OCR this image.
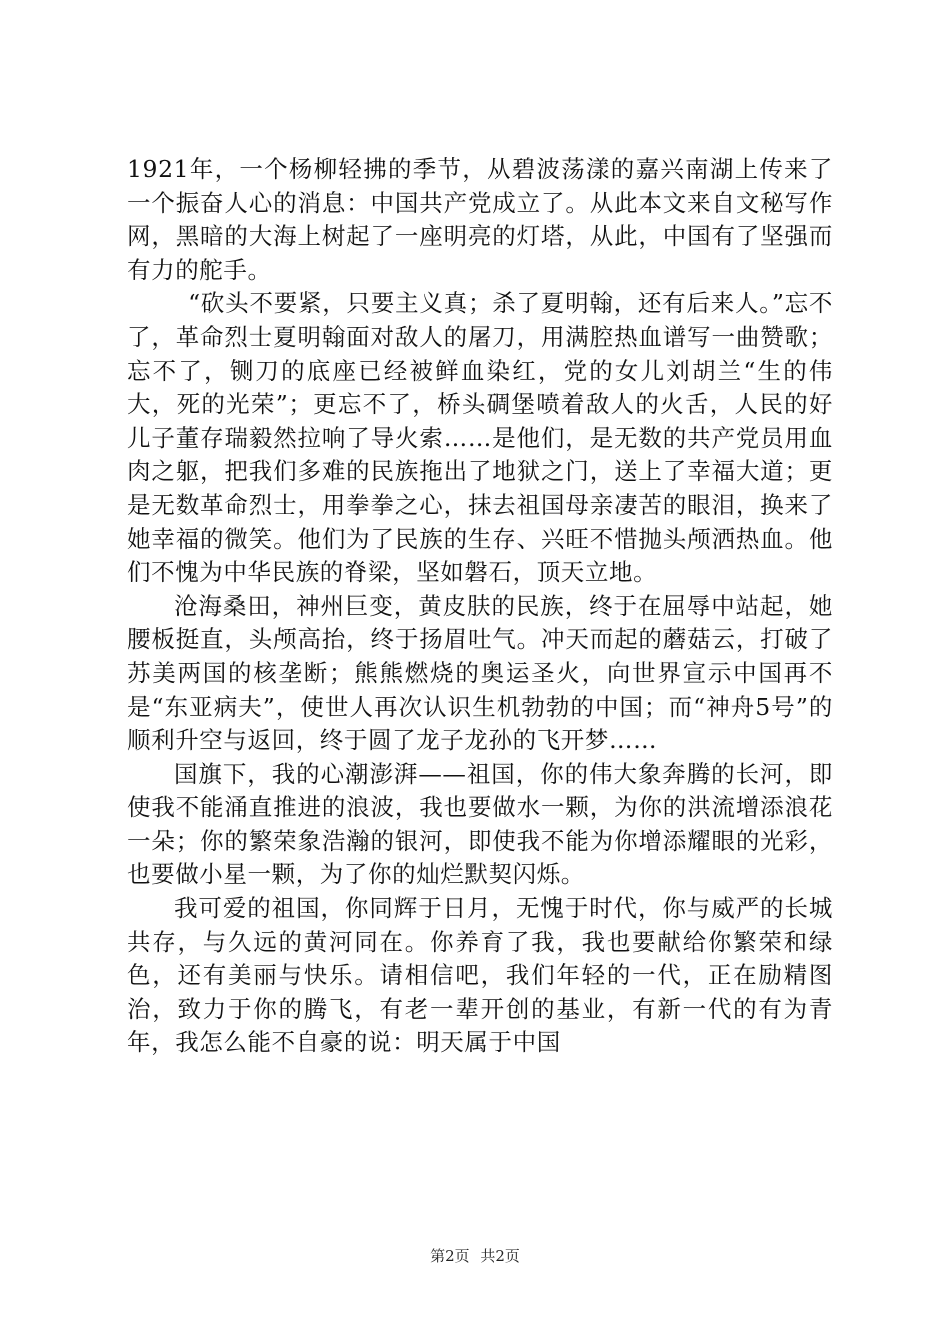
1921年，一个杨柳轻拂的季节，从碧波荡漾的嘉兴南湖上传来了一个振奋人心的消息：中国共产党成立了。从此本文来自文秘写作网，黑暗的大海上树起了一座明亮的灯塔，从此，中国有了坚强而有力的舵手。

“砍头不要紧，只要主义真；杀了夏明翰，还有后来人。”忘不了，革命烈士夏明翰面对敌人的屠刀，用满腔热血谱写一曲赞歌；忘不了，铡刀的底座已经被鲜血染红，党的女儿刘胡兰“生的伟大，死的光荣”；更忘不了，桥头碉堡喷着敌人的火舌，人民的好儿子董存瑞毅然拉响了导火索……是他们，是无数的共产党员用血肉之躯，把我们多难的民族拖出了地狱之门，送上了幸福大道；更是无数革命烈士，用拳拳之心，抹去祖国母亲凄苦的眼泪，换来了她幸福的微笑。他们为了民族的生存、兴旺不惜抛头颅洒热血。他们不愧为中华民族的脊梁，坚如磐石，顶天立地。

沧海桑田，神州巨变，黄皮肤的民族，终于在屈辱中站起，她腰板挺直，头颅高抬，终于扬眉吐气。冲天而起的蘑菇云，打破了苏美两国的核垄断；熊熊燃烧的奥运圣火，向世界宣示中国再不是“东亚病夫”，使世人再次认识生机勃勃的中国；而“神舟5号”的顺利升空与返回，终于圆了龙子龙孙的飞开梦……

国旗下，我的心潮澎湃——祖国，你的伟大象奔腾的长河，即使我不能涌直推进的浪波，我也要做水一颗，为你的洪流增添浪花一朵；你的繁荣象浩瀚的银河，即使我不能为你增添耀眼的光彩，也要做小星一颗，为了你的灿烂默契闪烁。

我可爱的祖国，你同辉于日月，无愧于时代，你与威严的长城共存，与久远的黄河同在。你养育了我，我也要献给你繁荣和绿色，还有美丽与快乐。请相信吧，我们年轻的一代，正在励精图治，致力于你的腾飞，有老一辈开创的基业，有新一代的有为青年，我怎么能不自豪的说：明天属于中国

第2页 共2页
